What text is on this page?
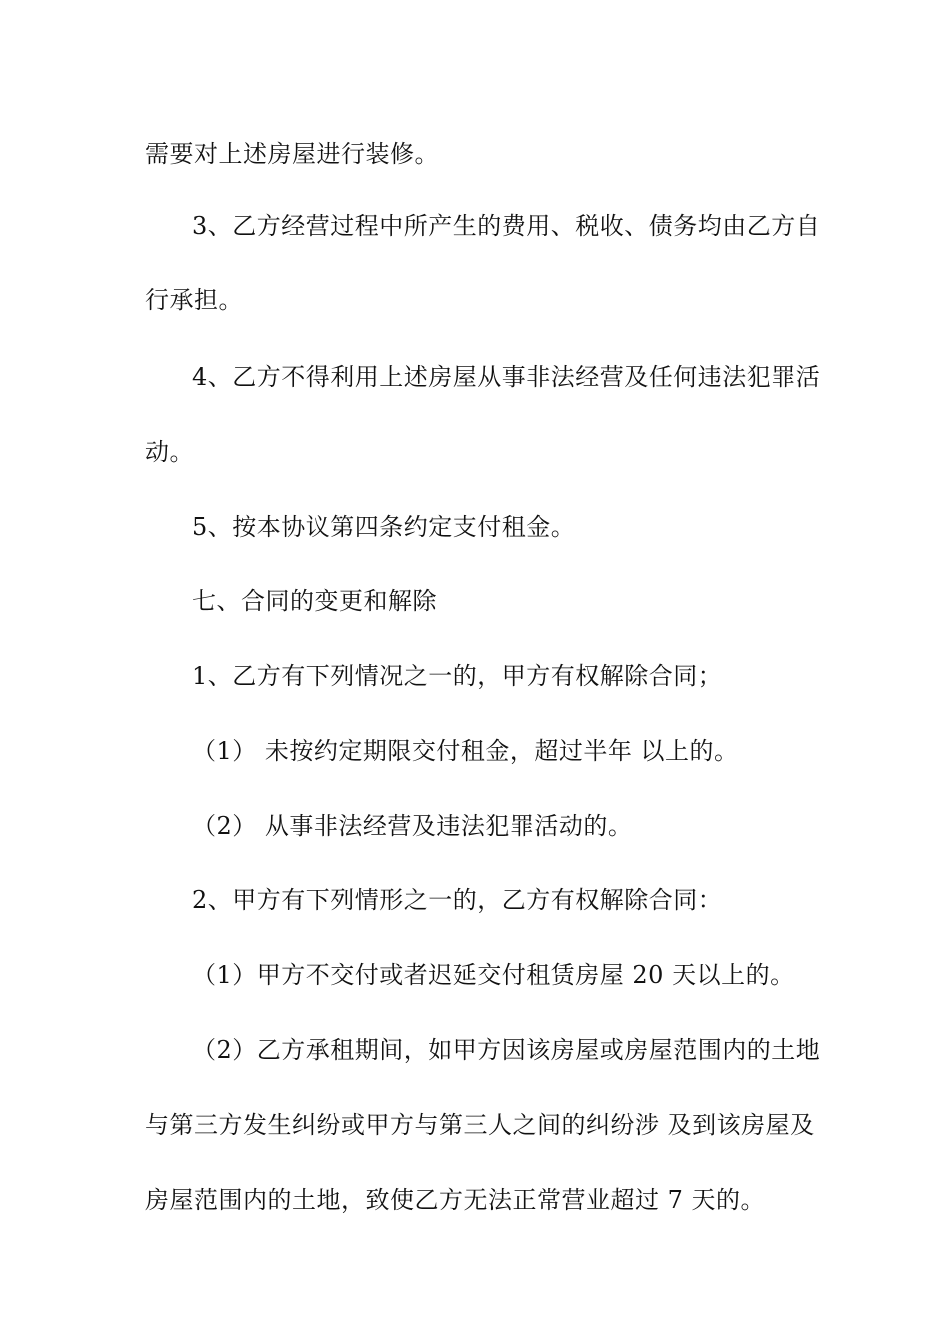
需要对上述房屋进行装修。
3、乙方经营过程中所产生的费用、税收、债务均由乙方自
行承担。
4、乙方不得利用上述房屋从事非法经营及任何违法犯罪活
动。
5、按本协议第四条约定支付租金。
七、合同的变更和解除
1、乙方有下列情况之一的，甲方有权解除合同；
（1） 未按约定期限交付租金，超过半年 以上的。
（2） 从事非法经营及违法犯罪活动的。
2、甲方有下列情形之一的，乙方有权解除合同：
（1）甲方不交付或者迟延交付租赁房屋 20 天以上的。
（2）乙方承租期间，如甲方因该房屋或房屋范围内的土地
与第三方发生纠纷或甲方与第三人之间的纠纷涉 及到该房屋及
房屋范围内的土地，致使乙方无法正常营业超过 7 天的。
